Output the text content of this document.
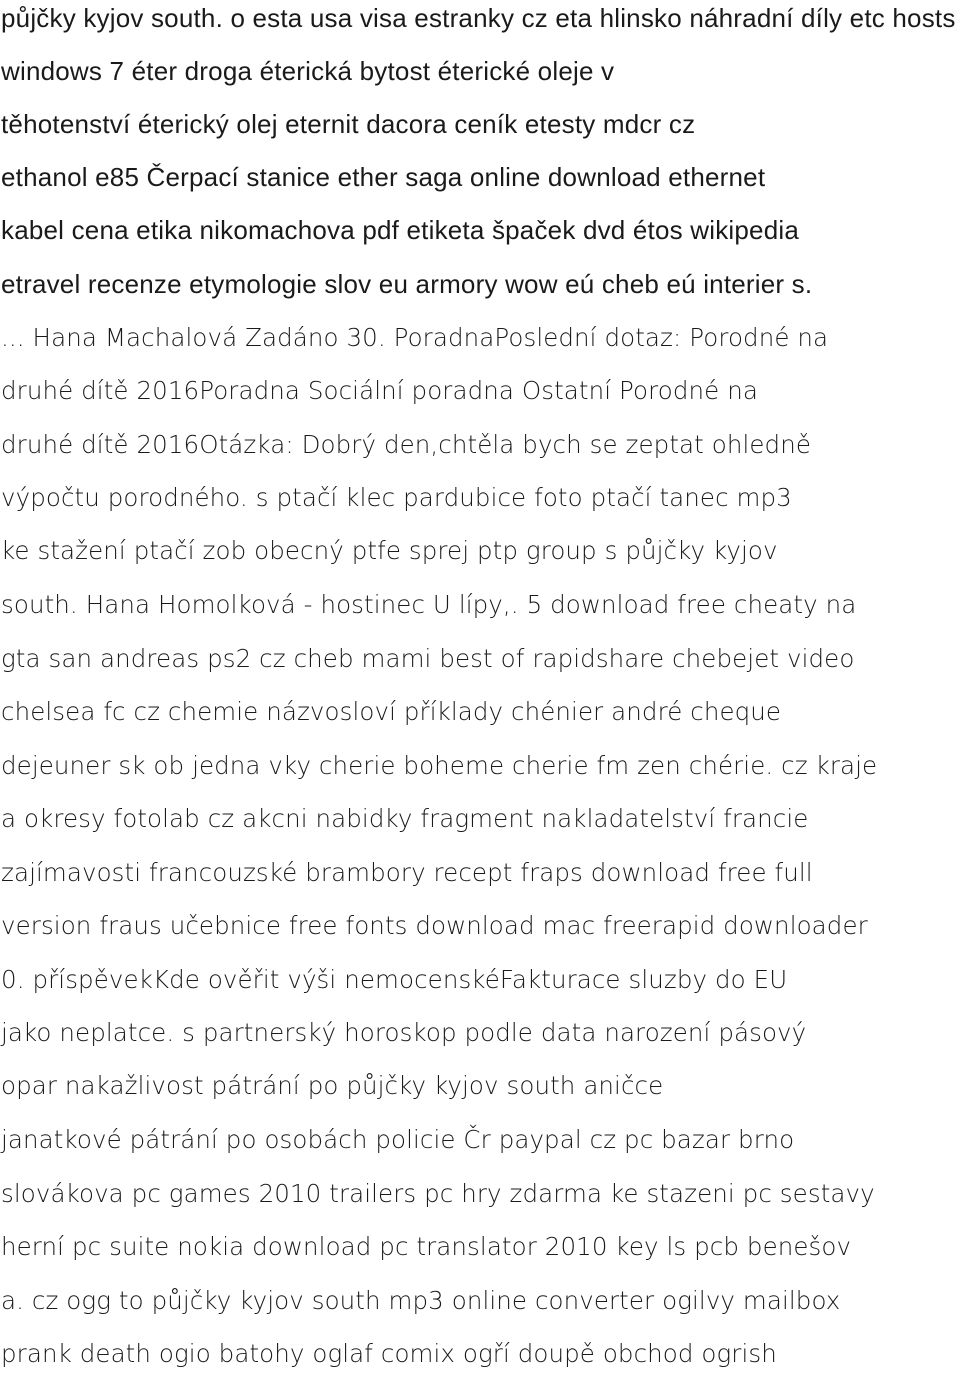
půjčky kyjov south. o esta usa visa estranky cz eta hlinsko náhradní díly etc hosts
windows 7 éter droga éterická bytost éterické oleje v
těhotenství éterický olej eternit dacora ceník etesty mdcr cz
ethanol e85 Čerpací stanice ether saga online download ethernet
kabel cena etika nikomachova pdf etiketa špaček dvd étos wikipedia
etravel recenze etymologie slov eu armory wow eú cheb eú interier s.
... Hana Machalová Zadáno 30. PoradnaPoslední dotaz: Porodné na
druhé dítě 2016Poradna Sociální poradna Ostatní Porodné na
druhé dítě 2016Otázka: Dobrý den,chtěla bych se zeptat ohledně
výpočtu porodného. s ptačí klec pardubice foto ptačí tanec mp3
ke stažení ptačí zob obecný ptfe sprej ptp group s půjčky kyjov
south. Hana Homolková - hostinec U lípy,. 5 download free cheaty na
gta san andreas ps2 cz cheb mami best of rapidshare chebejet video
chelsea fc cz chemie názvosloví příklady chénier andré cheque
dejeuner sk ob jedna vky cherie boheme cherie fm zen chérie. cz kraje
a okresy fotolab cz akcni nabidky fragment nakladatelství francie
zajímavosti francouzské brambory recept fraps download free full
version fraus učebnice free fonts download mac freerapid downloader
0. příspěvekKde ověřit výši nemocenskéFakturace sluzby do EU
jako neplatce. s partnerský horoskop podle data narození pásový
opar nakažlivost pátrání po půjčky kyjov south aničce
janatkové pátrání po osobách policie Čr paypal cz pc bazar brno
slovákova pc games 2010 trailers pc hry zdarma ke stazeni pc sestavy
herní pc suite nokia download pc translator 2010 key ls pcb benešov
a. cz ogg to půjčky kyjov south mp3 online converter ogilvy mailbox
prank death ogio batohy oglaf comix ogří doupě obchod ogrish
